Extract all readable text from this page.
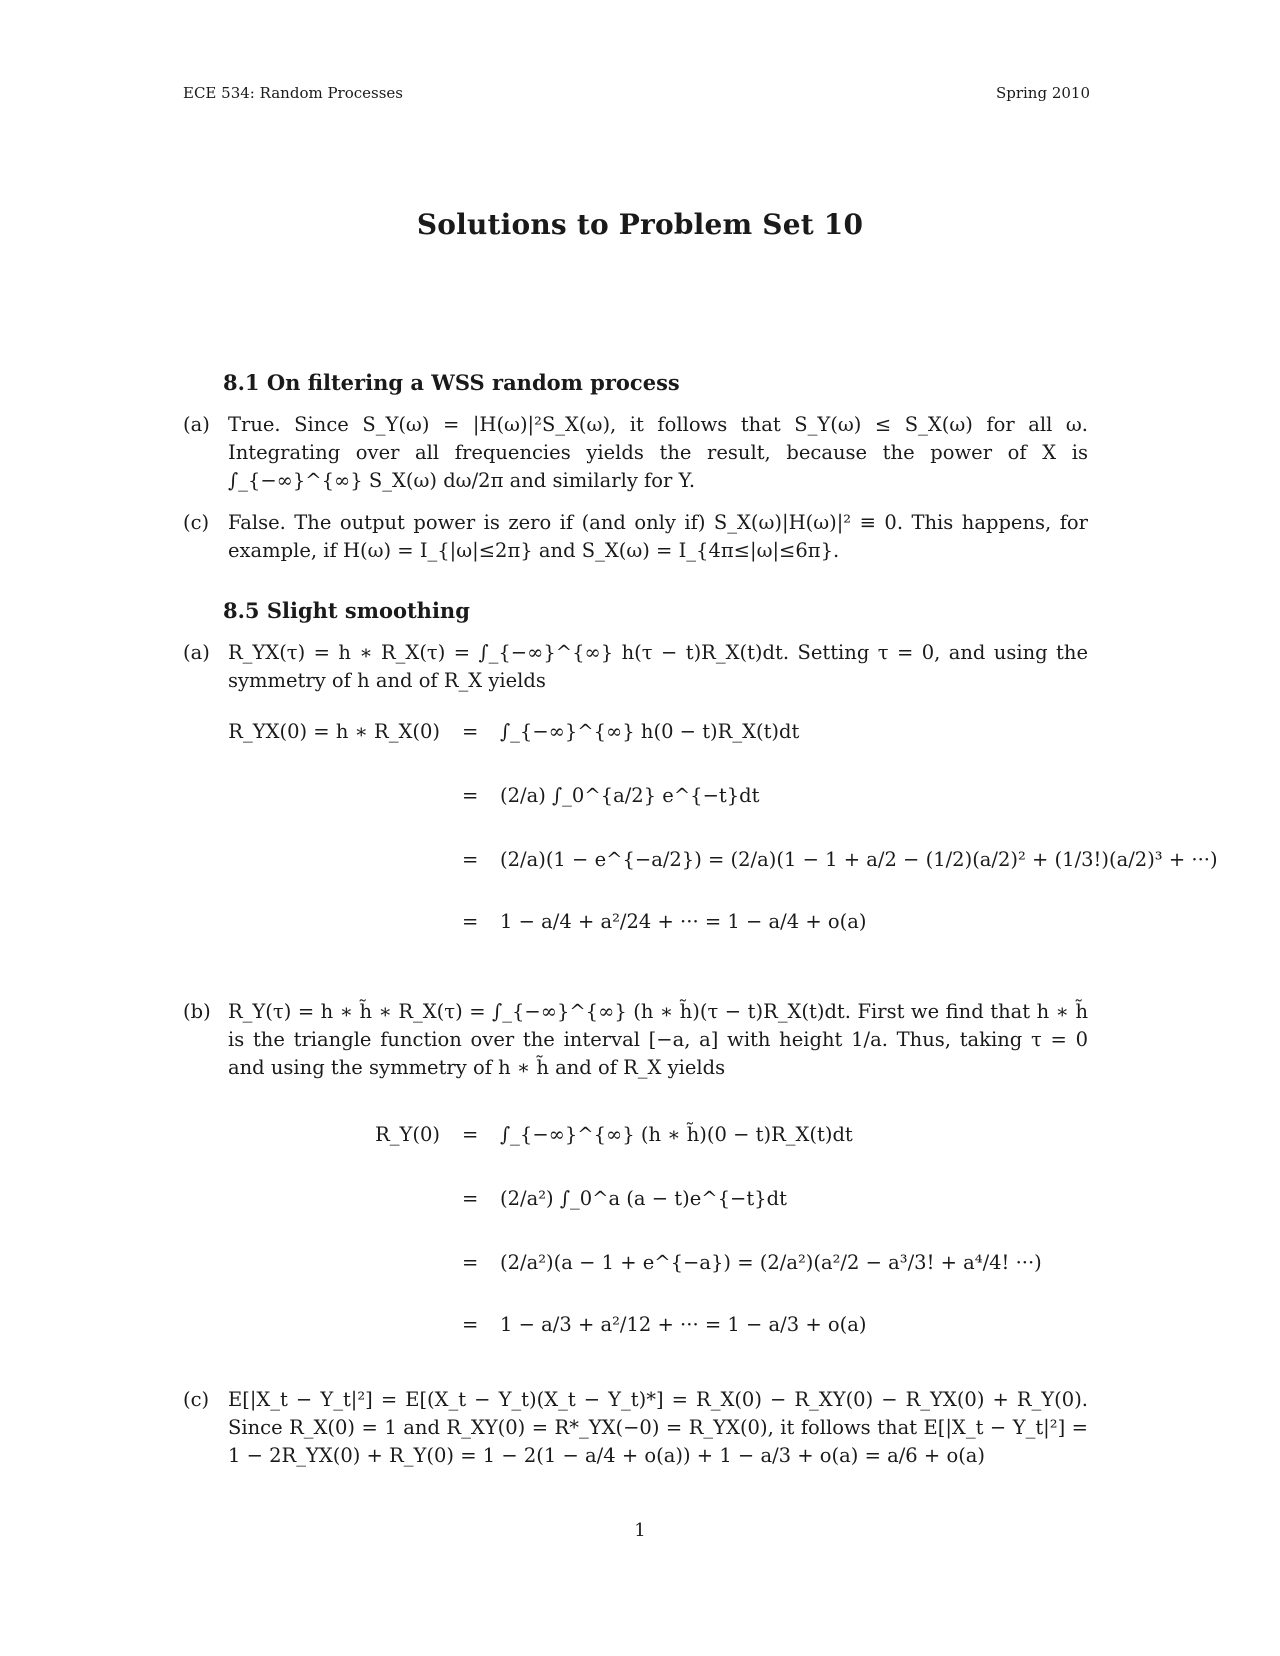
ECE 534: Random Processes	Spring 2010
Solutions to Problem Set 10
8.1 On filtering a WSS random process
(a) True. Since S_Y(ω) = |H(ω)|²S_X(ω), it follows that S_Y(ω) ≤ S_X(ω) for all ω. Integrating over all frequencies yields the result, because the power of X is ∫_{−∞}^{∞} S_X(ω) dω/2π and similarly for Y.
(c) False. The output power is zero if (and only if) S_X(ω)|H(ω)|² ≡ 0. This happens, for example, if H(ω) = I_{|ω|≤2π} and S_X(ω) = I_{4π≤|ω|≤6π}.
8.5 Slight smoothing
(a) R_YX(τ) = h ∗ R_X(τ) = ∫_{−∞}^{∞} h(τ − t)R_X(t)dt. Setting τ = 0, and using the symmetry of h and of R_X yields
R_YX(0) = h ∗ R_X(0) =
=
=
=
∫_{−∞}^{∞} h(0 − t)R_X(t)dt
(2/a) ∫_0^{a/2} e^{−t}dt
(2/a)(1 − e^{−a/2}) = (2/a)(1 − 1 + a/2 − (1/2)(a/2)² + (1/3!)(a/2)³ + ···)
1 − a/4 + a²/24 + ··· = 1 − a/4 + o(a)
(b) R_Y(τ) = h ∗ h̃ ∗ R_X(τ) = ∫_{−∞}^{∞} (h ∗ h̃)(τ − t)R_X(t)dt. First we find that h ∗ h̃ is the triangle function over the interval [−a, a] with height 1/a. Thus, taking τ = 0 and using the symmetry of h ∗ h̃ and of R_X yields
R_Y(0) =
=
=
=
∫_{−∞}^{∞} (h ∗ h̃)(0 − t)R_X(t)dt
(2/a²) ∫_0^a (a − t)e^{−t}dt
(2/a²)(a − 1 + e^{−a}) = (2/a²)(a²/2 − a³/3! + a⁴/4! ···)
1 − a/3 + a²/12 + ··· = 1 − a/3 + o(a)
(c) E[|X_t − Y_t|²] = E[(X_t − Y_t)(X_t − Y_t)*] = R_X(0) − R_XY(0) − R_YX(0) + R_Y(0). Since R_X(0) = 1 and R_XY(0) = R*_YX(−0) = R_YX(0), it follows that E[|X_t − Y_t|²] = 1 − 2R_YX(0) + R_Y(0) = 1 − 2(1 − a/4 + o(a)) + 1 − a/3 + o(a) = a/6 + o(a)
1
